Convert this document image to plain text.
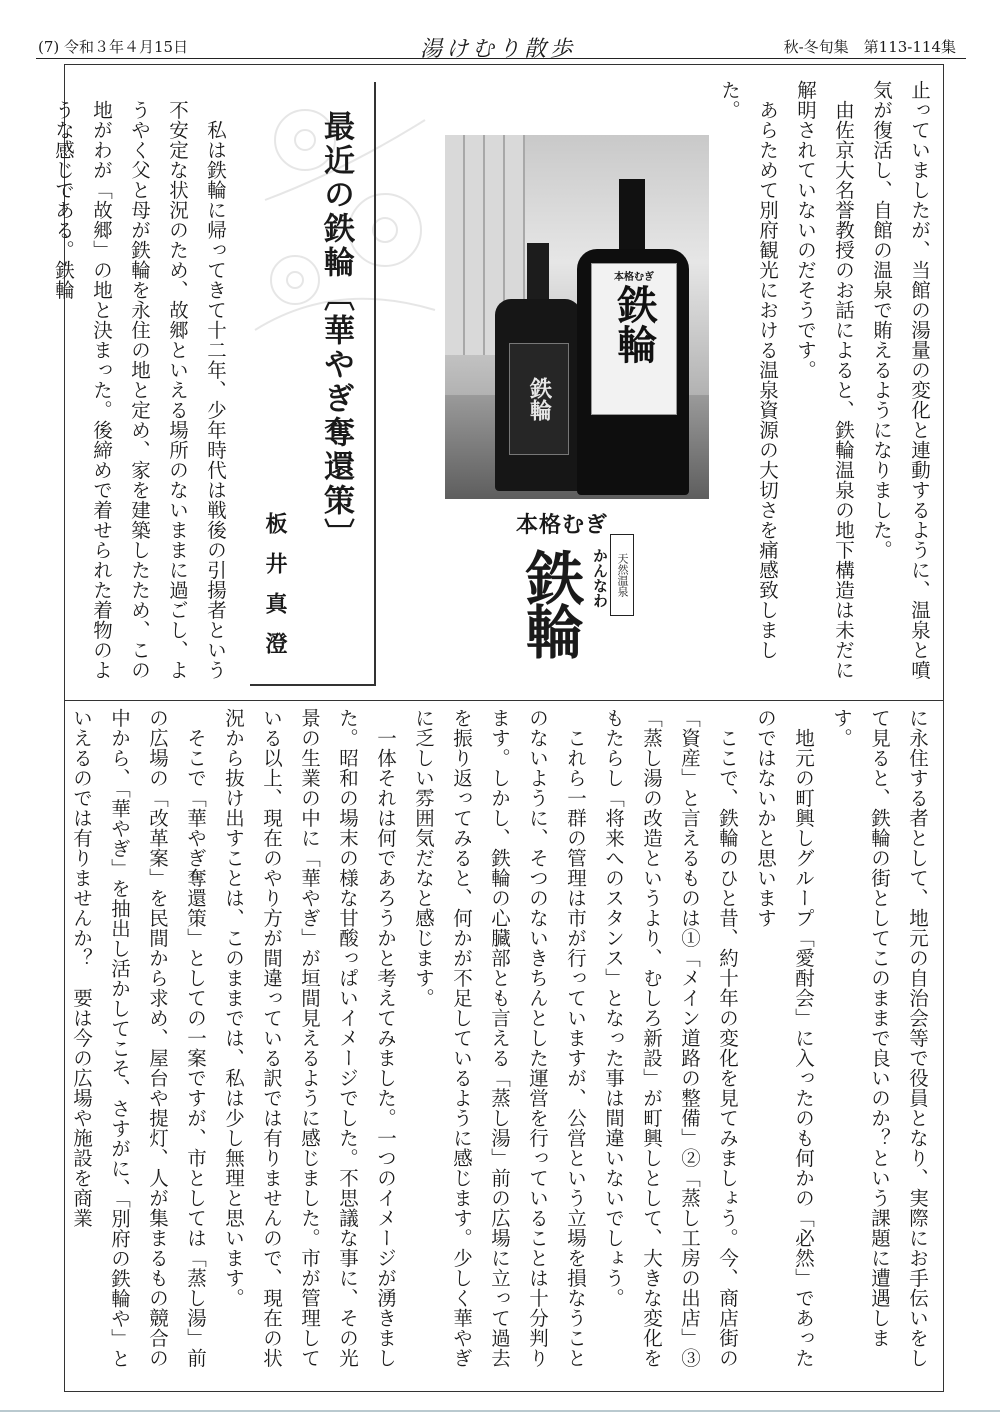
(7) 令和３年４月15日	湯けむり散歩	秋-冬旬集　第113-114集

止っていましたが、当館の湯量の変化と連動するように、温泉と噴気が復活し、自館の温泉で賄えるようになりました。

由佐京大名誉教授のお話によると、鉄輪温泉の地下構造は未だに解明されていないのだそうです。

あらためて別府観光における温泉資源の大切さを痛感致しました。

鉄輪
本格むぎ
鉄輪
本格むぎ
鉄輪 かんなわ 天然温泉
最近の鉄輪〔華やぎ奪還策〕
板井真澄

私は鉄輪に帰ってきて十二年、少年時代は戦後の引揚者という不安定な状況のため、故郷といえる場所のないままに過ごし、ようやく父と母が鉄輪を永住の地と定め、家を建築したため、この地がわが「故郷」の地と決まった。後締めで着せられた着物のような感じである。鉄輪

に永住する者として、地元の自治会等で役員となり、実際にお手伝いをして見ると、鉄輪の街としてこのままで良いのか？という課題に遭遇します。

地元の町興しグループ「愛酎会」に入ったのも何かの「必然」であったのではないかと思います

ここで、鉄輪のひと昔、約十年の変化を見てみましょう。今、商店街の「資産」と言えるものは①「メイン道路の整備」②「蒸し工房の出店」③「蒸し湯の改造というより、むしろ新設」が町興しとして、大きな変化をもたらし「将来へのスタンス」となった事は間違いないでしょう。

これら一群の管理は市が行っていますが、公営という立場を損なうことのないように、そつのないきちんとした運営を行っていることは十分判ります。しかし、鉄輪の心臓部とも言える「蒸し湯」前の広場に立って過去を振り返ってみると、何かが不足しているように感じます。少しく華やぎに乏しい雰囲気だなと感じます。

一体それは何であろうかと考えてみました。一つのイメージが湧きました。昭和の場末の様な甘酸っぱいイメージでした。不思議な事に、その光景の生業の中に「華やぎ」が垣間見えるように感じました。市が管理している以上、現在のやり方が間違っている訳では有りませんので、現在の状況から抜け出すことは、このままでは、私は少し無理と思います。

そこで「華やぎ奪還策」としての一案ですが、市としては「蒸し湯」前の広場の「改革案」を民間から求め、屋台や提灯、人が集まるもの競合の中から、「華やぎ」を抽出し活かしてこそ、さすがに、「別府の鉄輪や」といえるのでは有りませんか？　要は今の広場や施設を商業
